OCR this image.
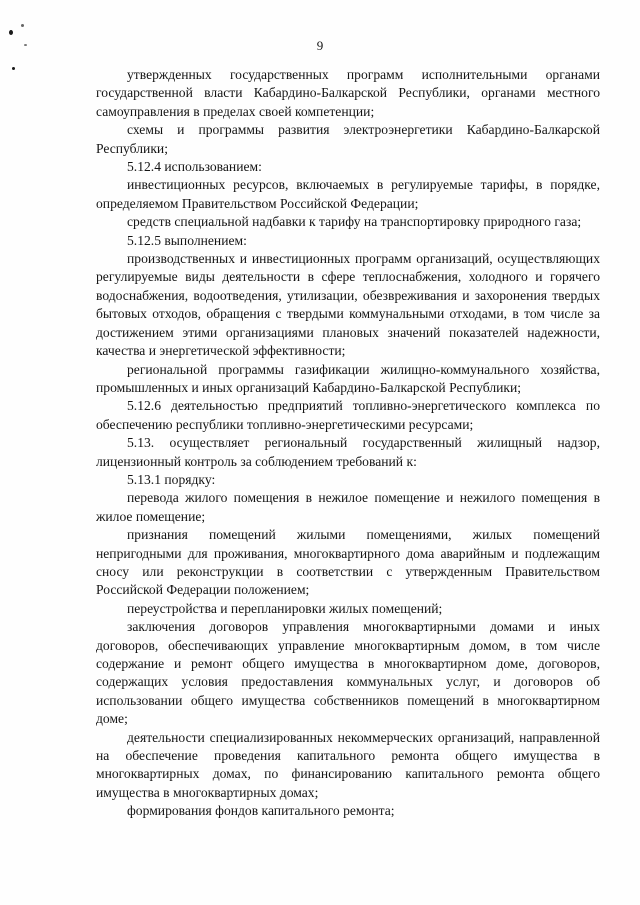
9

утвержденных государственных программ исполнительными органами государственной власти Кабардино-Балкарской Республики, органами местного самоуправления в пределах своей компетенции;

схемы и программы развития электроэнергетики Кабардино-Балкарской Республики;

5.12.4 использованием:

инвестиционных ресурсов, включаемых в регулируемые тарифы, в порядке, определяемом Правительством Российской Федерации;

средств специальной надбавки к тарифу на транспортировку природного газа;

5.12.5 выполнением:

производственных и инвестиционных программ организаций, осуществляющих регулируемые виды деятельности в сфере теплоснабжения, холодного и горячего водоснабжения, водоотведения, утилизации, обезвреживания и захоронения твердых бытовых отходов, обращения с твердыми коммунальными отходами, в том числе за достижением этими организациями плановых значений показателей надежности, качества и энергетической эффективности;

региональной программы газификации жилищно-коммунального хозяйства, промышленных и иных организаций Кабардино-Балкарской Республики;

5.12.6 деятельностью предприятий топливно-энергетического комплекса по обеспечению республики топливно-энергетическими ресурсами;

5.13. осуществляет региональный государственный жилищный надзор, лицензионный контроль за соблюдением требований к:

5.13.1 порядку:

перевода жилого помещения в нежилое помещение и нежилого помещения в жилое помещение;

признания помещений жилыми помещениями, жилых помещений непригодными для проживания, многоквартирного дома аварийным и подлежащим сносу или реконструкции в соответствии с утвержденным Правительством Российской Федерации положением;

переустройства и перепланировки жилых помещений;

заключения договоров управления многоквартирными домами и иных договоров, обеспечивающих управление многоквартирным домом, в том числе содержание и ремонт общего имущества в многоквартирном доме, договоров, содержащих условия предоставления коммунальных услуг, и договоров об использовании общего имущества собственников помещений в многоквартирном доме;

деятельности специализированных некоммерческих организаций, направленной на обеспечение проведения капитального ремонта общего имущества в многоквартирных домах, по финансированию капитального ремонта общего имущества в многоквартирных домах;

формирования фондов капитального ремонта;
